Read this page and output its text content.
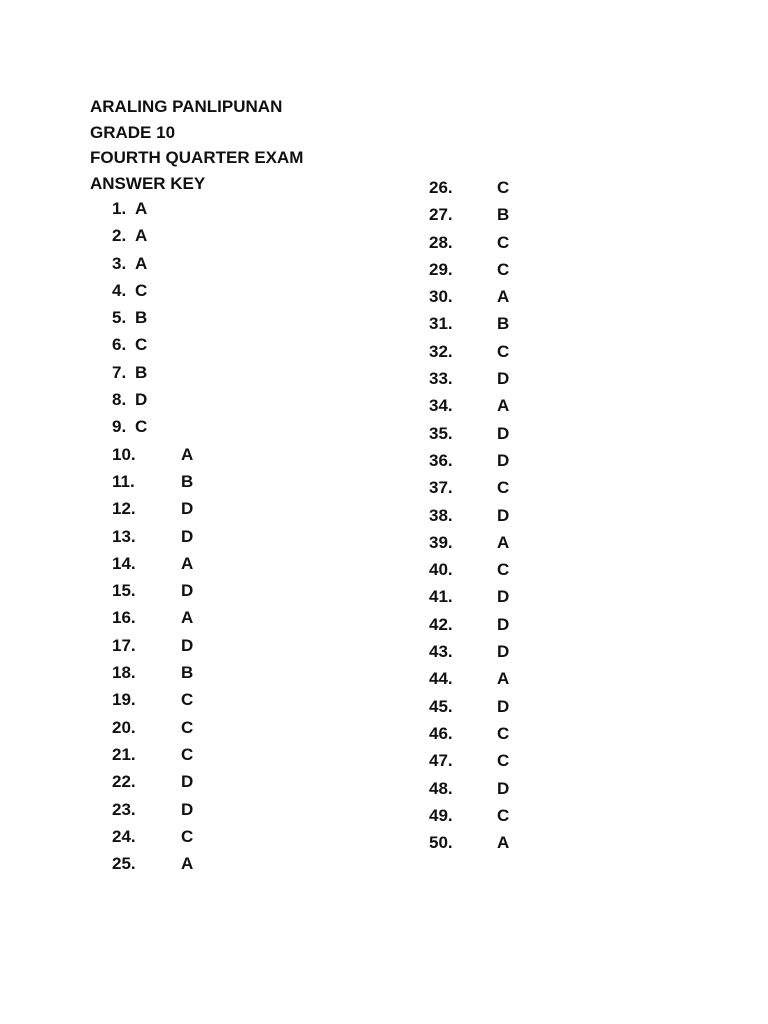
ARALING PANLIPUNAN
GRADE 10
FOURTH QUARTER EXAM
ANSWER KEY
1. A
2. A
3. A
4. C
5. B
6. C
7. B
8. D
9. C
10.	A
11.	B
12.	D
13.	D
14.	A
15.	D
16.	A
17.	D
18.	B
19.	C
20.	C
21.	C
22.	D
23.	D
24.	C
25.	A
26.	C
27.	B
28.	C
29.	C
30.	A
31.	B
32.	C
33.	D
34.	A
35.	D
36.	D
37.	C
38.	D
39.	A
40.	C
41.	D
42.	D
43.	D
44.	A
45.	D
46.	C
47.	C
48.	D
49.	C
50.	A
